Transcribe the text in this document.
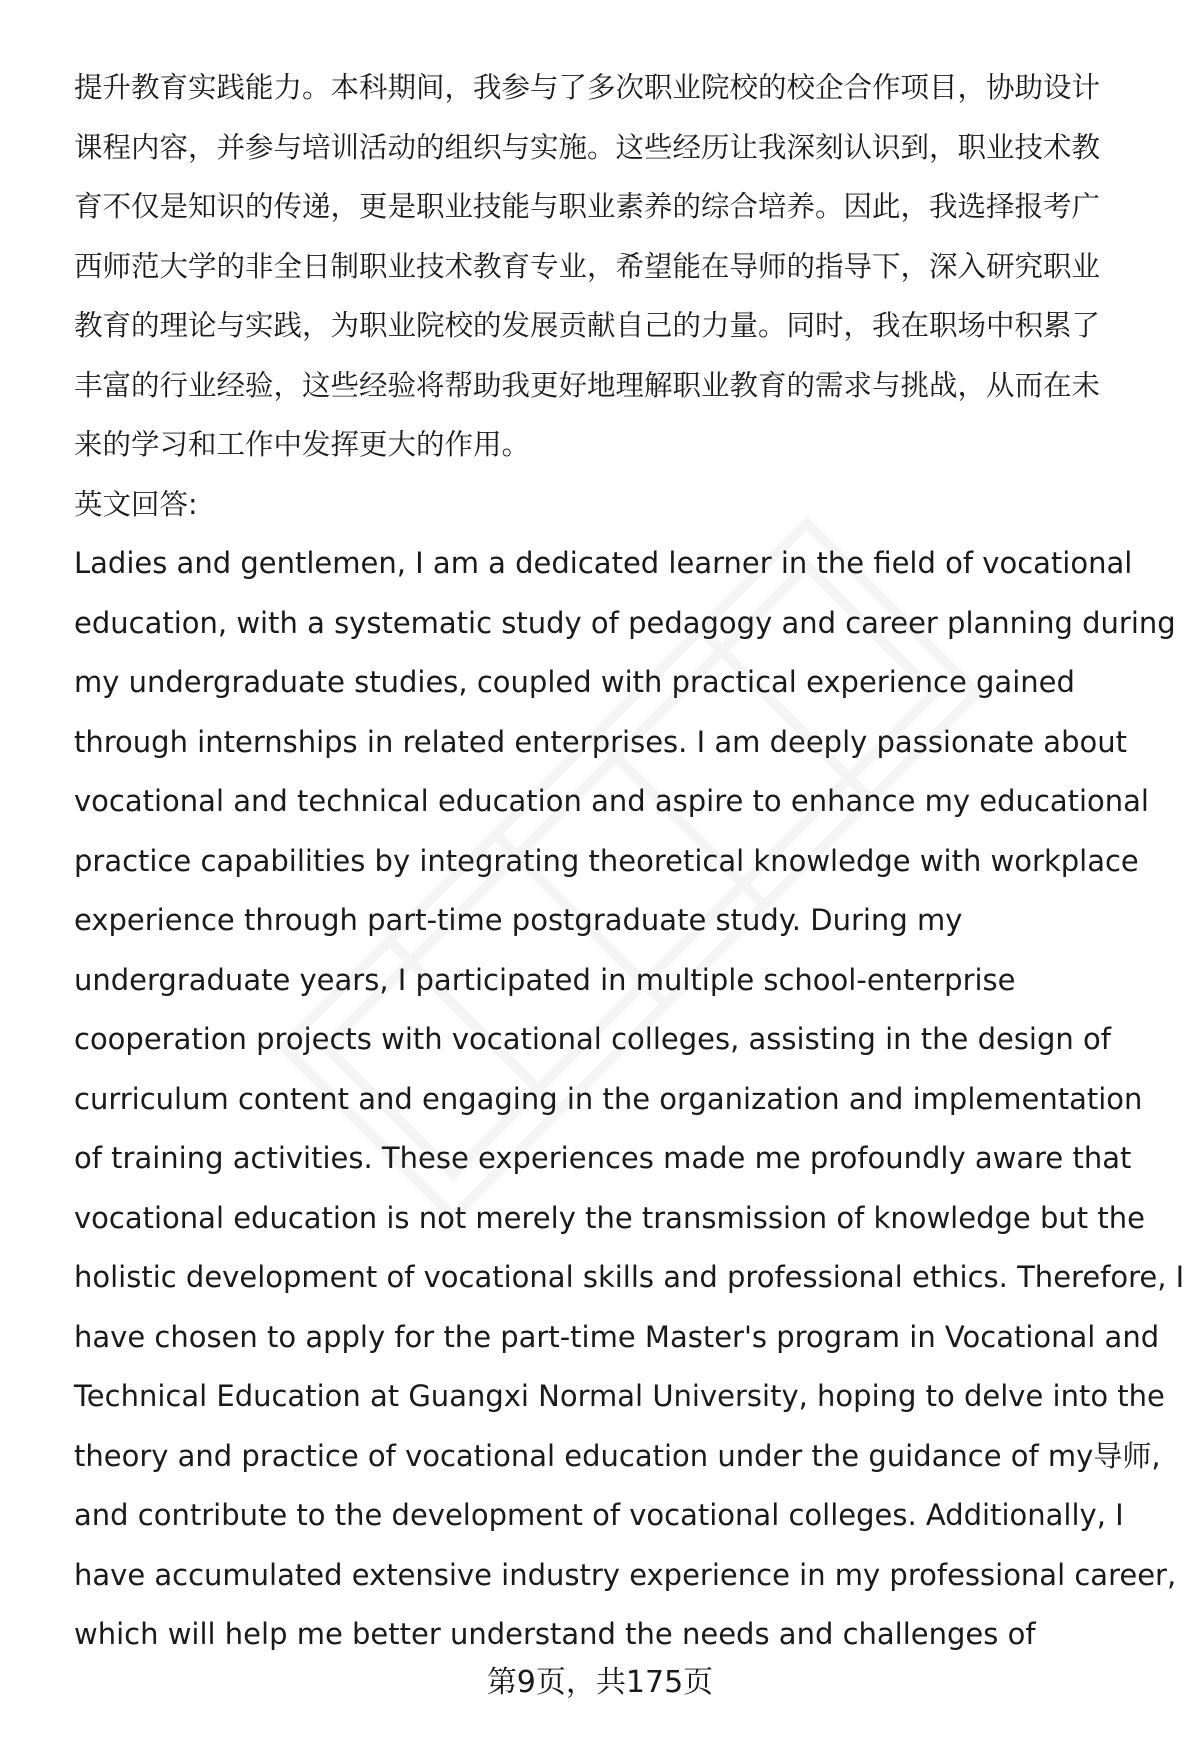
提升教育实践能力。本科期间，我参与了多次职业院校的校企合作项目，协助设计
课程内容，并参与培训活动的组织与实施。这些经历让我深刻认识到，职业技术教
育不仅是知识的传递，更是职业技能与职业素养的综合培养。因此，我选择报考广
西师范大学的非全日制职业技术教育专业，希望能在导师的指导下，深入研究职业
教育的理论与实践，为职业院校的发展贡献自己的力量。同时，我在职场中积累了
丰富的行业经验，这些经验将帮助我更好地理解职业教育的需求与挑战，从而在未
来的学习和工作中发挥更大的作用。
英文回答:
Ladies and gentlemen, I am a dedicated learner in the field of vocational
education, with a systematic study of pedagogy and career planning during
my undergraduate studies, coupled with practical experience gained
through internships in related enterprises. I am deeply passionate about
vocational and technical education and aspire to enhance my educational
practice capabilities by integrating theoretical knowledge with workplace
experience through part-time postgraduate study. During my
undergraduate years, I participated in multiple school-enterprise
cooperation projects with vocational colleges, assisting in the design of
curriculum content and engaging in the organization and implementation
of training activities. These experiences made me profoundly aware that
vocational education is not merely the transmission of knowledge but the
holistic development of vocational skills and professional ethics. Therefore, I
have chosen to apply for the part-time Master's program in Vocational and
Technical Education at Guangxi Normal University, hoping to delve into the
theory and practice of vocational education under the guidance of my导师,
and contribute to the development of vocational colleges. Additionally, I
have accumulated extensive industry experience in my professional career,
which will help me better understand the needs and challenges of
第9页，共175页
